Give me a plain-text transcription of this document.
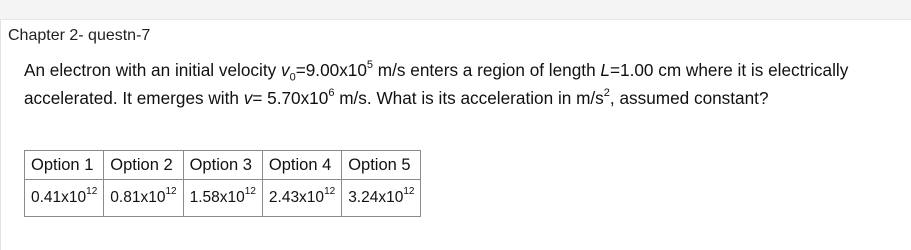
Chapter 2- questn-7
An electron with an initial velocity $v_0=9.00x10^5$ m/s enters a region of length L=1.00 cm where it is electrically accelerated. It emerges with $v= 5.70x10^6$ m/s. What is its acceleration in $m/s^2$, assumed constant?
Option 1	Option 2	Option 3	Option 4	Option 5
$0.41x10^{12}$	$0.81x10^{12}$	$1.58x10^{12}$	$2.43x10^{12}$	$3.24x10^{12}$
